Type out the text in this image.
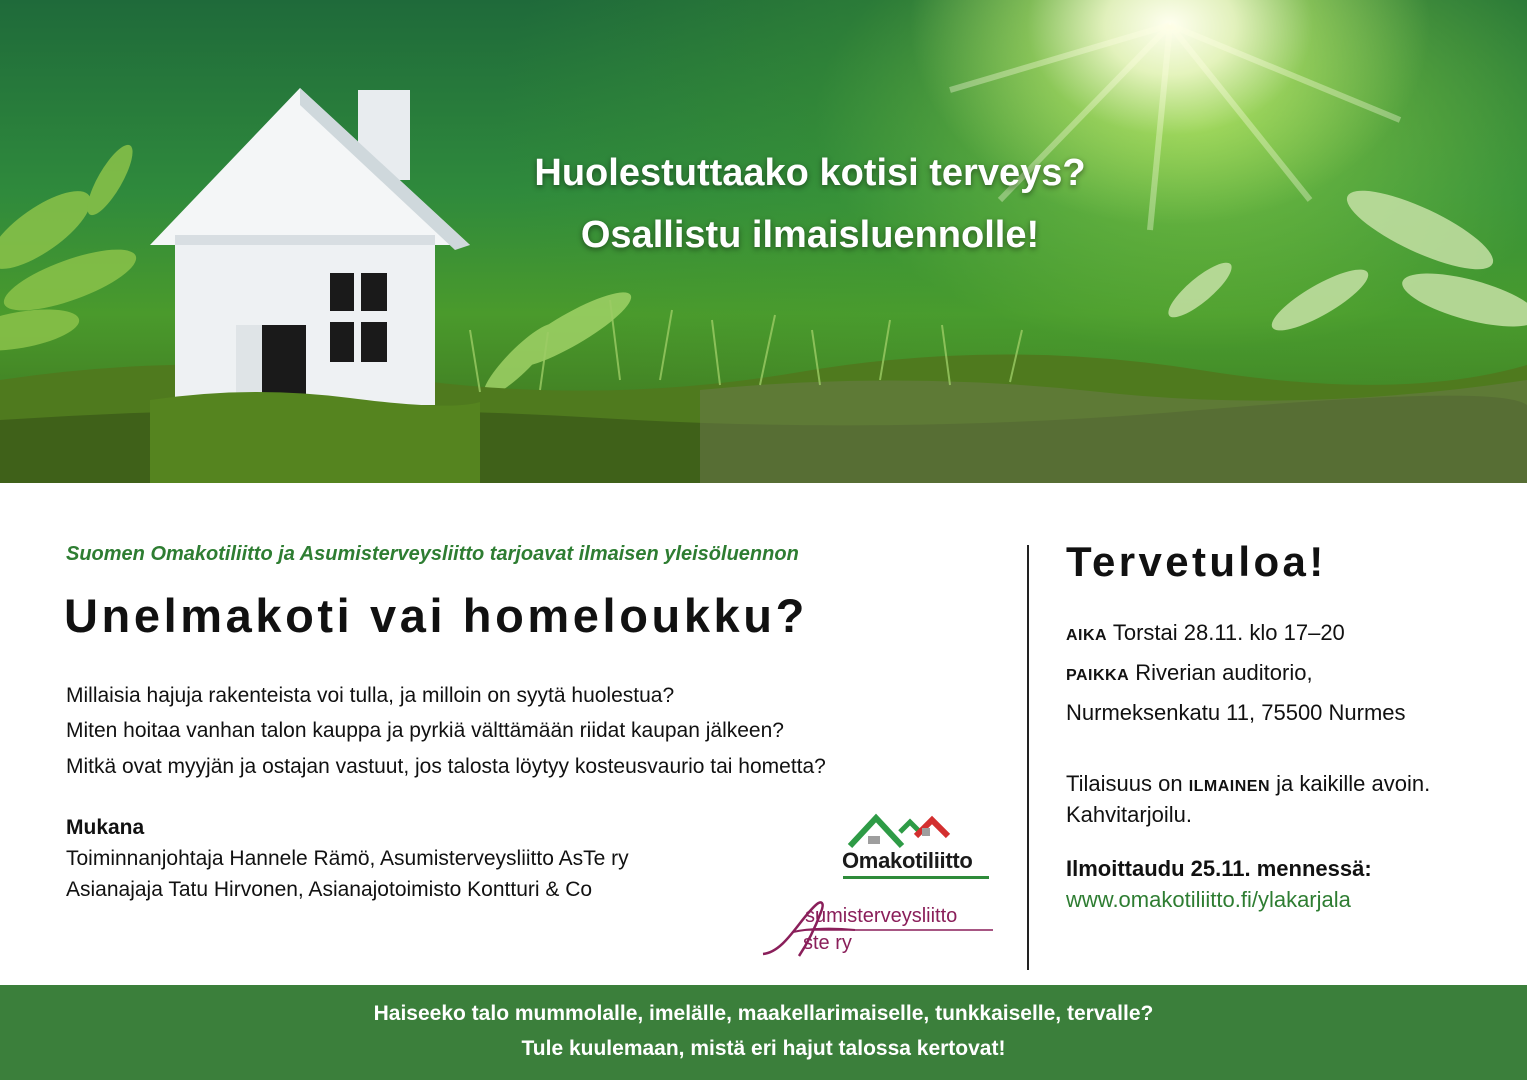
Huolestuttaako kotisi terveys?
Osallistu ilmaisluennolle!
Suomen Omakotiliitto ja Asumisterveysliitto tarjoavat ilmaisen yleisöluennon
Unelmakoti vai homeloukku?
Millaisia hajuja rakenteista voi tulla, ja milloin on syytä huolestua?
Miten hoitaa vanhan talon kauppa ja pyrkiä välttämään riidat kaupan jälkeen?
Mitkä ovat myyjän ja ostajan vastuut, jos talosta löytyy kosteusvaurio tai hometta?
Mukana
Toiminnanjohtaja Hannele Rämö, Asumisterveysliitto AsTe ry
Asianajaja Tatu Hirvonen, Asianajotoimisto Kontturi & Co
Omakotiliitto
sumisterveysliitto
ste ry
Tervetuloa!
AIKA Torstai 28.11. klo 17–20
PAIKKA Riverian auditorio,
Nurmeksenkatu 11, 75500 Nurmes
Tilaisuus on ILMAINEN ja kaikille avoin.
Kahvitarjoilu.
Ilmoittaudu 25.11. mennessä:
www.omakotiliitto.fi/ylakarjala
Haiseeko talo mummolalle, imelälle, maakellarimaiselle, tunkkaiselle, tervalle?
Tule kuulemaan, mistä eri hajut talossa kertovat!
